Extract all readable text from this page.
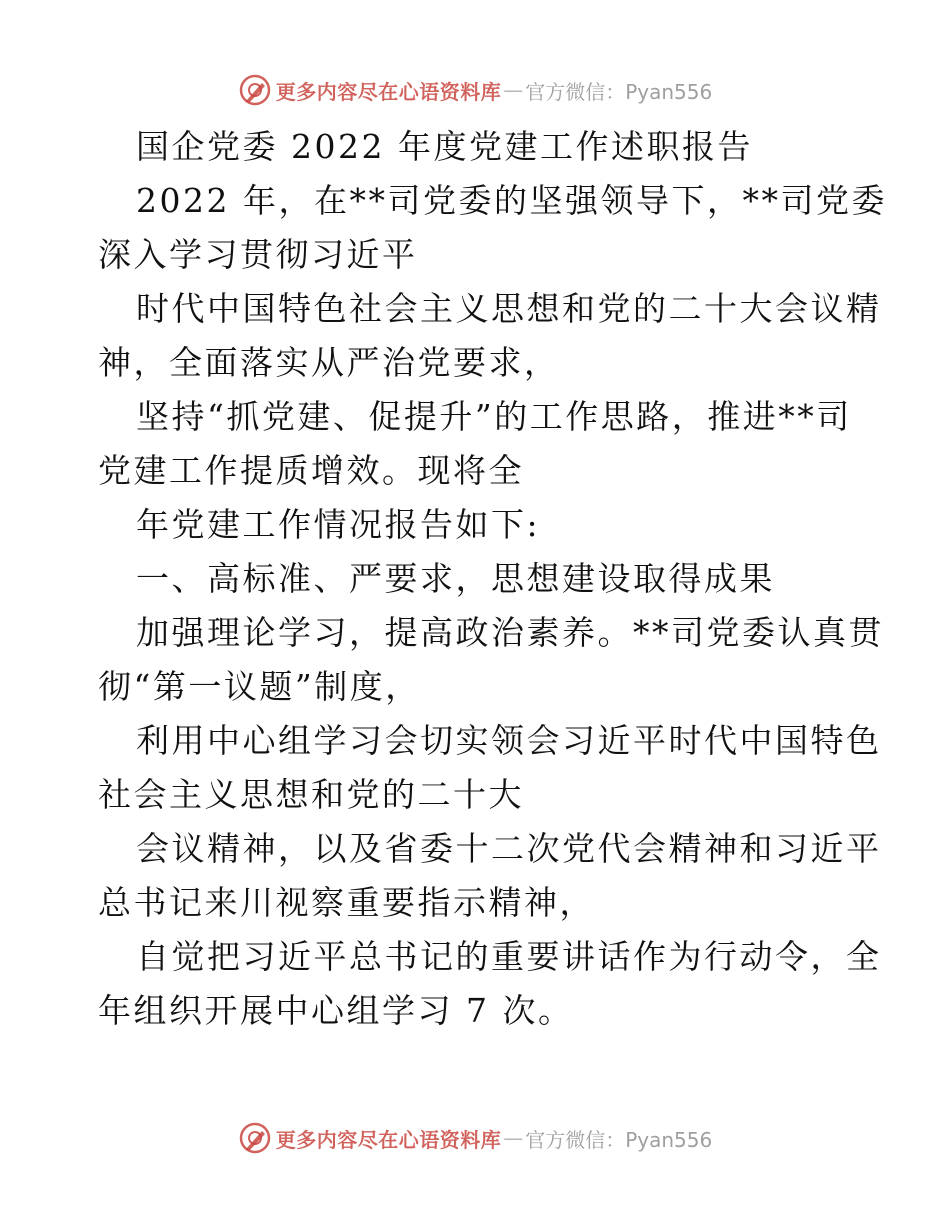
更多内容尽在心语资料库 — 官方微信：Pyan556
国企党委 2022 年度党建工作述职报告
2022 年，在**司党委的坚强领导下，**司党委
深入学习贯彻习近平
时代中国特色社会主义思想和党的二十大会议精
神，全面落实从严治党要求，
坚持“抓党建、促提升”的工作思路，推进**司
党建工作提质增效。现将全
年党建工作情况报告如下:
一、高标准、严要求，思想建设取得成果
加强理论学习，提高政治素养。**司党委认真贯
彻“第一议题”制度，
利用中心组学习会切实领会习近平时代中国特色
社会主义思想和党的二十大
会议精神，以及省委十二次党代会精神和习近平
总书记来川视察重要指示精神，
自觉把习近平总书记的重要讲话作为行动令，全
年组织开展中心组学习 7 次。
更多内容尽在心语资料库 — 官方微信：Pyan556
